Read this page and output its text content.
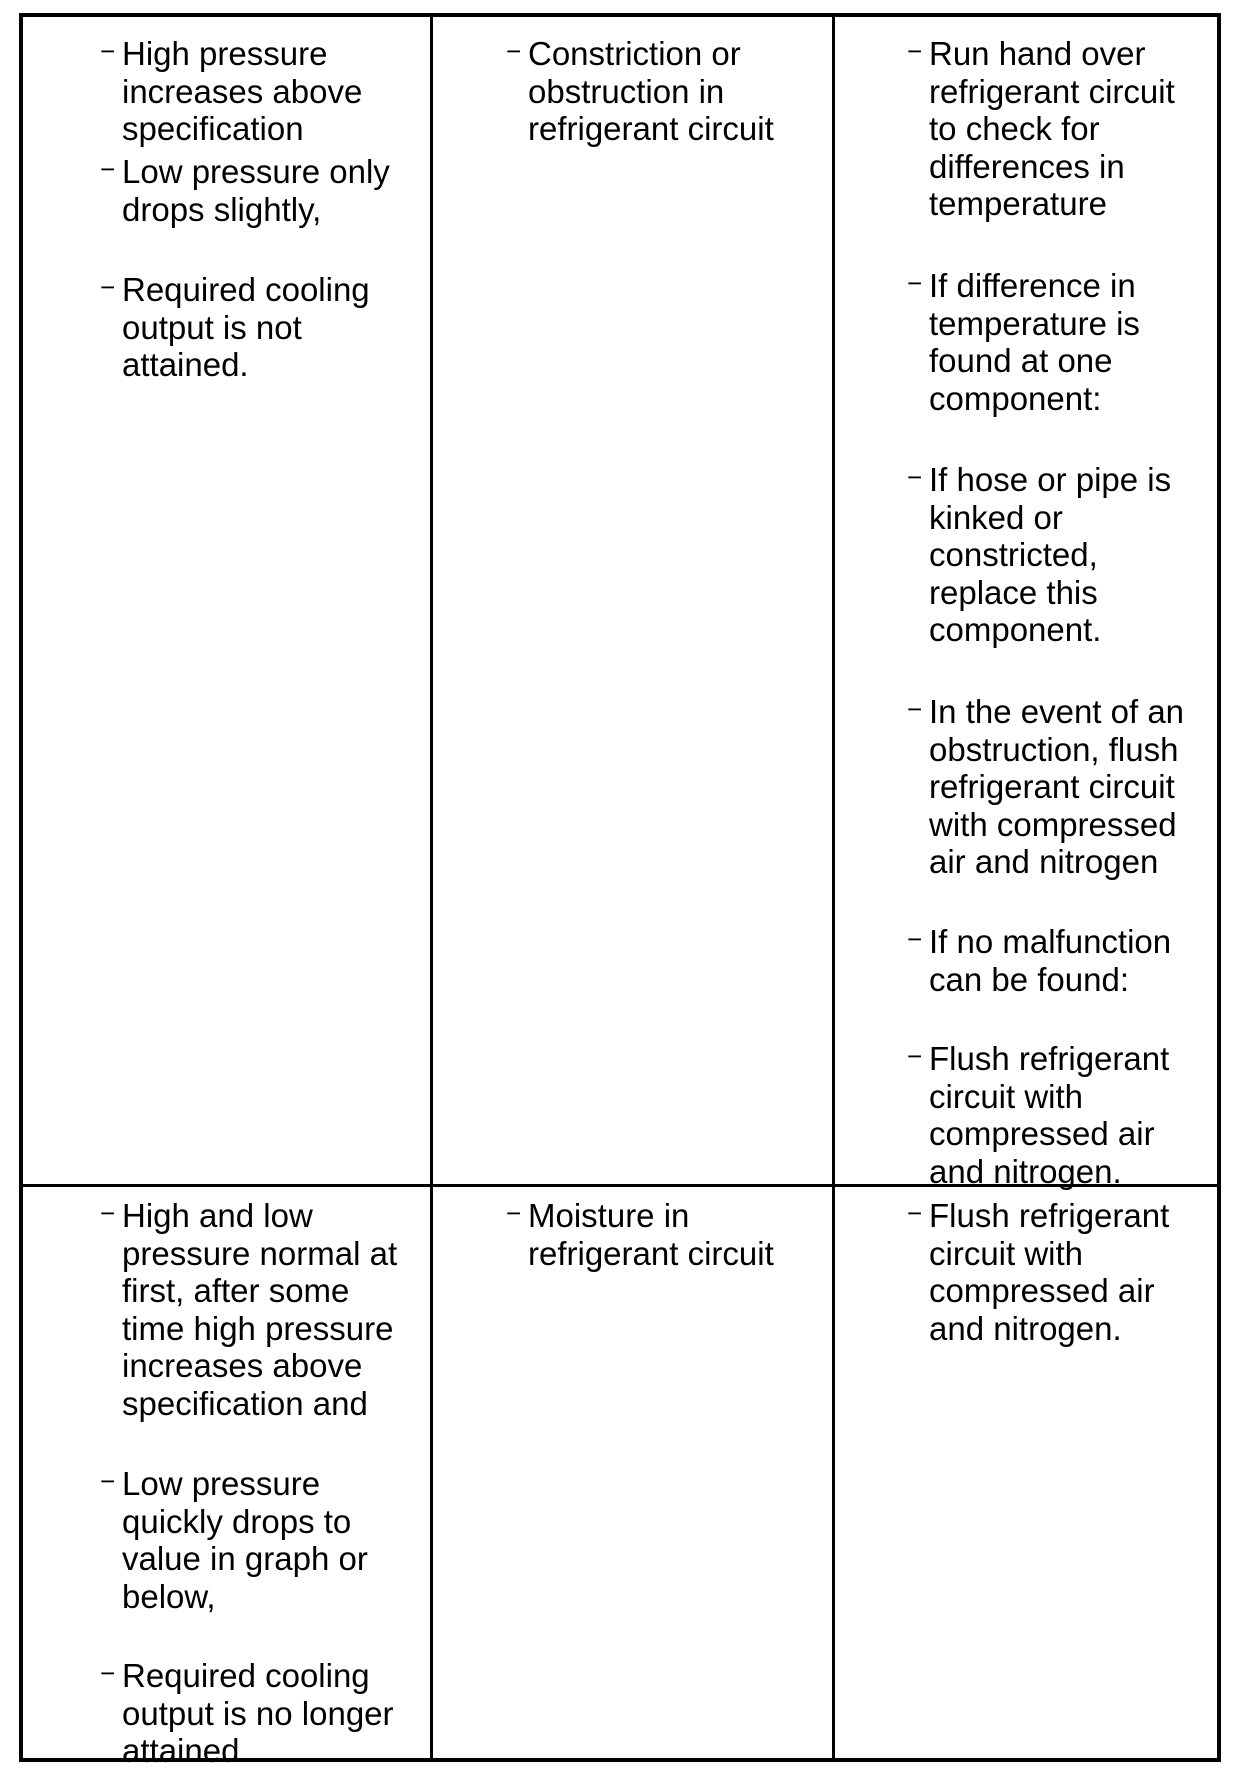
− High pressure
increases above
specification
− Low pressure only
drops slightly,
− Required cooling
output is not
attained.
− Constriction or
obstruction in
refrigerant circuit
− Run hand over
refrigerant circuit
to check for
differences in
temperature
− If difference in
temperature is
found at one
component:
− If hose or pipe is
kinked or
constricted,
replace this
component.
− In the event of an
obstruction, flush
refrigerant circuit
with compressed
air and nitrogen
− If no malfunction
can be found:
− Flush refrigerant
circuit with
compressed air
and nitrogen.
− High and low
pressure normal at
first, after some
time high pressure
increases above
specification and
− Low pressure
quickly drops to
value in graph or
below,
− Required cooling
output is no longer
attained.
− Moisture in
refrigerant circuit
− Flush refrigerant
circuit with
compressed air
and nitrogen.
